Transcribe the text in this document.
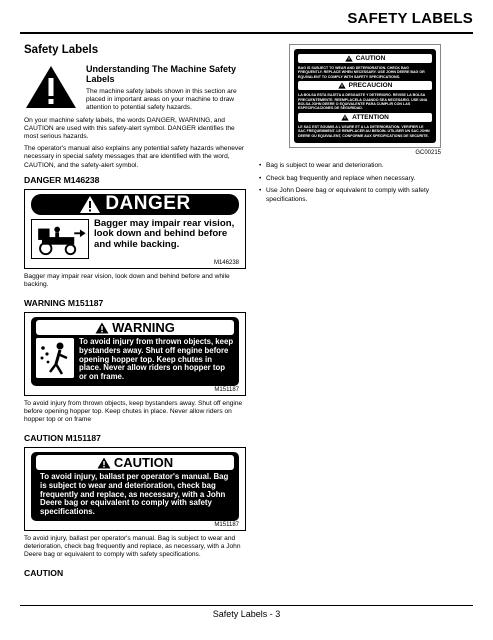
SAFETY LABELS
Safety Labels
Understanding The Machine Safety Labels

The machine safety labels shown in this section are placed in important areas on your machine to draw attention to potential safety hazards.

On your machine safety labels, the words DANGER, WARNING, and CAUTION are used with this safety-alert symbol. DANGER identifies the most serious hazards.

The operator's manual also explains any potential safety hazards whenever necessary in special safety messages that are identified with the word, CAUTION, and the safety-alert symbol.

DANGER M146238
DANGER
Bagger may impair rear vision, look down and behind before and while backing.
M146238

Bagger may impair rear vision, look down and behind before and while backing.

WARNING M151187
WARNING
To avoid injury from thrown objects, keep bystanders away. Shut off engine before opening hopper top. Keep chutes in place. Never allow riders on hopper top or on frame.
M151187

To avoid injury from thrown objects, keep bystanders away. Shut off engine before opening hopper top. Keep chutes in place. Never allow riders on hopper top or on frame

CAUTION M151187
CAUTION
To avoid injury, ballast per operator's manual. Bag is subject to wear and deterioration, check bag frequently and replace, as necessary, with a John Deere bag or equivalent to comply with safety specifications.
M151187

To avoid injury, ballast per operator's manual. Bag is subject to wear and deterioration, check bag frequently and replace, as necessary, with a John Deere bag or equivalent to comply with safety specifications.

CAUTION
CAUTION
BAG IS SUBJECT TO WEAR AND DETERIORATION. CHECK BAG FREQUENTLY. REPLACE WHEN NECESSARY. USE JOHN DEERE BAG OR EQUIVALENT TO COMPLY WITH SAFETY SPECIFICATIONS.
PRECAUCION
LA BOLSA ESTA SUJETA A DESGASTE Y DETERIORO. REVISE LA BOLSA FRECUENTEMENTE. REEMPLACELA CUANDO SEA NECESARIO. USE UNA BOLSA JOHN DEERE O EQUIVALENTE PARA CUMPLIR CON LAS ESPECIFICACIONES DE SEGURIDAD.
ATTENTION
LE SAC EST SOUMIS A L'USURE ET A LA DETERIORATION. VERIFIER LE SAC FREQUEMMENT. LE REMPLACER AU BESOIN. UTILISER UN SAC JOHN DEERE OU EQUIVALENT, CONFORME AUX SPECIFICATIONS DE SECURITE.
GC00215
• Bag is subject to wear and deterioration.
• Check bag frequently and replace when necessary.
• Use John Deere bag or equivalent to comply with safety specifications.
Safety Labels - 3
